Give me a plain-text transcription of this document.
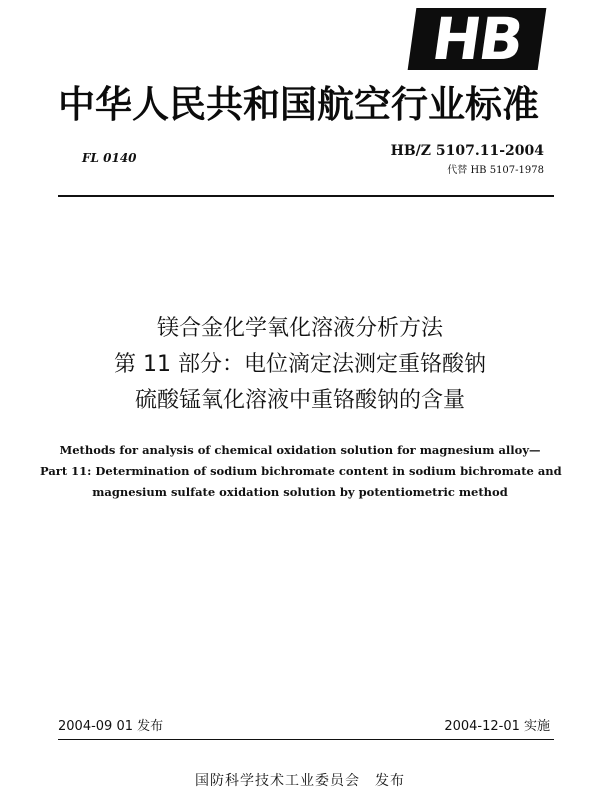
HB
中华人民共和国航空行业标准
FL 0140	HB/Z 5107.11-2004
代替 HB 5107-1978
镁合金化学氧化溶液分析方法
第 11 部分：电位滴定法测定重铬酸钠
硫酸锰氧化溶液中重铬酸钠的含量
Methods for analysis of chemical oxidation solution for magnesium alloy—
Part 11: Determination of sodium bichromate content in sodium bichromate and
magnesium sulfate oxidation solution by potentiometric method
2004-09 01 发布	2004-12-01 实施
国防科学技术工业委员会　发布
